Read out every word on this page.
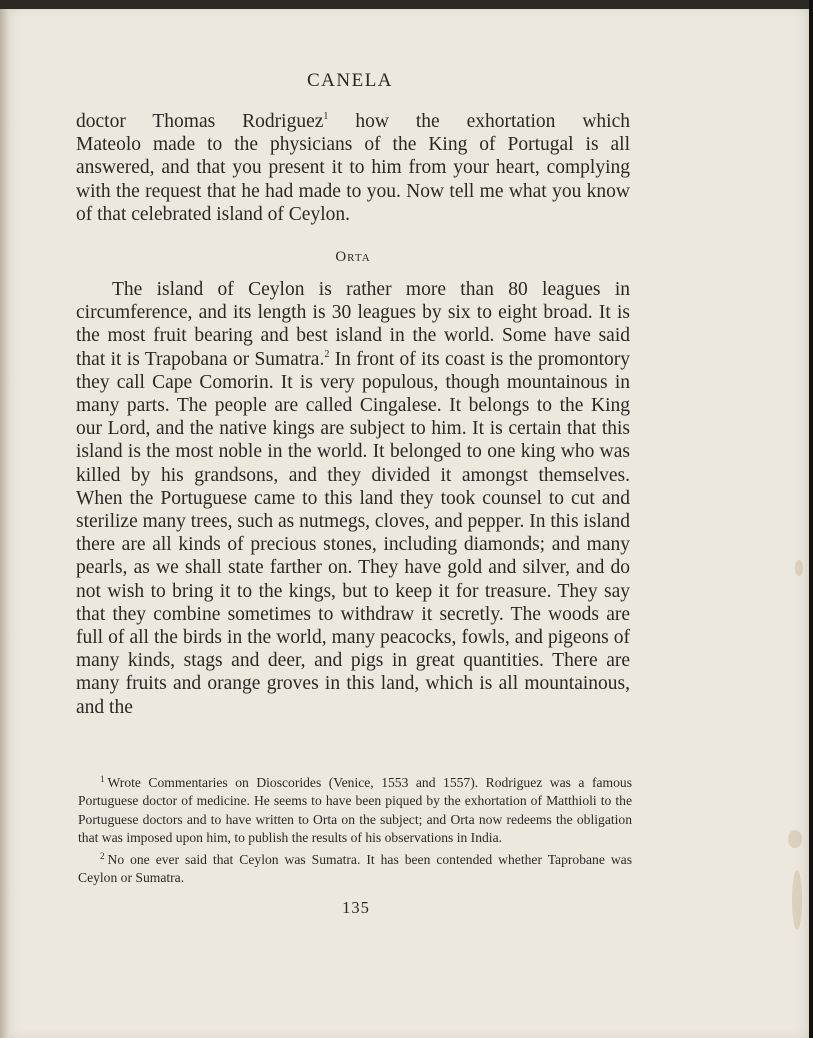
CANELA

doctor Thomas Rodriguez$^1$ how the exhortation which

Mateolo made to the physicians of the King of Portugal is all answered, and that you present it to him from your heart, complying with the request that he had made to you. Now tell me what you know of that celebrated island of Ceylon.

Orta

The island of Ceylon is rather more than 80 leagues in circumference, and its length is 30 leagues by six to eight broad. It is the most fruit bearing and best island in the world. Some have said that it is Trapobana or Sumatra.$^2$ In front of its coast is the promontory they call Cape Comorin. It is very populous, though mountainous in many parts. The people are called Cingalese. It belongs to the King our Lord, and the native kings are subject to him. It is certain that this island is the most noble in the world. It belonged to one king who was killed by his grandsons, and they divided it amongst themselves. When the Portuguese came to this land they took counsel to cut and sterilize many trees, such as nutmegs, cloves, and pepper. In this island there are all kinds of precious stones, including diamonds; and many pearls, as we shall state farther on. They have gold and silver, and do not wish to bring it to the kings, but to keep it for treasure. They say that they combine sometimes to withdraw it secretly. The woods are full of all the birds in the world, many peacocks, fowls, and pigeons of many kinds, stags and deer, and pigs in great quantities. There are many fruits and orange groves in this land, which is all mountainous, and the

$^1$ Wrote Commentaries on Dioscorides (Venice, 1553 and 1557). Rodriguez was a famous Portuguese doctor of medicine. He seems to have been piqued by the exhortation of Matthioli to the Portuguese doctors and to have written to Orta on the subject; and Orta now redeems the obligation that was imposed upon him, to publish the results of his observations in India.

$^2$ No one ever said that Ceylon was Sumatra. It has been contended whether Taprobane was Ceylon or Sumatra.

135
